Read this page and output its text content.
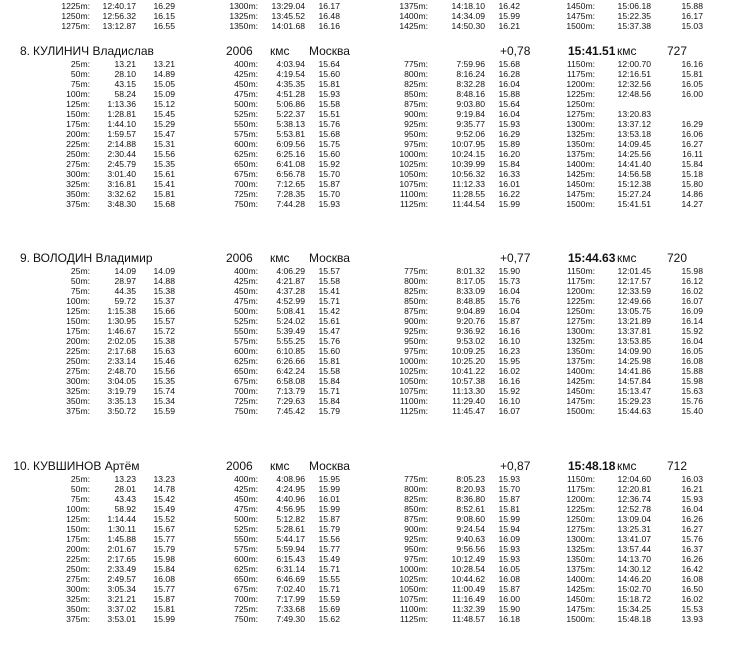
1225m: 12:40.17 16.29	1300m: 13:29.04 16.17	1375m:	14:18.10 16.42	1450m:	15:06.18	15.88
1250m: 12:56.32 16.15	1325m: 13:45.52 16.48	1400m:	14:34.09 15.99	1475m:	15:22.35	16.17
1275m: 13:12.87 16.55	1350m: 14:01.68 16.16	1425m:	14:50.30 16.21	1500m:	15:37.38	15.03
8. КУЛИНИЧ Владислав	2006 кмс Москва	+0,78	15:41.51 кмс	727
25m:	13.21 13.21	400m: 4:03.94 15.64	775m:	7:59.96 15.68	1150m:	12:00.70	16.16
50m:	28.10 14.89	425m: 4:19.54 15.60	800m:	8:16.24 16.28	1175m:	12:16.51	15.81
75m:	43.15 15.05	450m: 4:35.35 15.81	825m:	8:32.28 16.04	1200m:	12:32.56	16.05
100m:	58.24 15.09	475m: 4:51.28 15.93	850m:	8:48.16 15.88	1225m:	12:48.56	16.00
125m: 1:13.36 15.12	500m: 5:06.86 15.58	875m:	9:03.80 15.64	1250m:
150m: 1:28.81 15.45	525m: 5:22.37 15.51	900m:	9:19.84 16.04	1275m:	13:20.83
175m: 1:44.10 15.29	550m: 5:38.13 15.76	925m:	9:35.77 15.93	1300m:	13:37.12	16.29
200m: 1:59.57 15.47	575m: 5:53.81 15.68	950m:	9:52.06 16.29	1325m:	13:53.18	16.06
225m: 2:14.88 15.31	600m: 6:09.56 15.75	975m:	10:07.95 15.89	1350m:	14:09.45	16.27
250m: 2:30.44 15.56	625m: 6:25.16 15.60	1000m:	10:24.15 16.20	1375m:	14:25.56	16.11
275m: 2:45.79 15.35	650m: 6:41.08 15.92	1025m:	10:39.99 15.84	1400m:	14:41.40	15.84
300m: 3:01.40 15.61	675m: 6:56.78 15.70	1050m:	10:56.32 16.33	1425m:	14:56.58	15.18
325m: 3:16.81 15.41	700m: 7:12.65 15.87	1075m:	11:12.33 16.01	1450m:	15:12.38	15.80
350m: 3:32.62 15.81	725m: 7:28.35 15.70	1100m:	11:28.55 16.22	1475m:	15:27.24	14.86
375m: 3:48.30 15.68	750m: 7:44.28 15.93	1125m:	11:44.54 15.99	1500m:	15:41.51	14.27
9. ВОЛОДИН Владимир	2006 кмс Москва	+0,77	15:44.63 кмс	720
25m:	14.09 14.09	400m: 4:06.29 15.57	775m:	8:01.32 15.90	1150m:	12:01.45	15.98
50m:	28.97 14.88	425m: 4:21.87 15.58	800m:	8:17.05 15.73	1175m:	12:17.57	16.12
75m:	44.35 15.38	450m: 4:37.28 15.41	825m:	8:33.09 16.04	1200m:	12:33.59	16.02
100m:	59.72 15.37	475m: 4:52.99 15.71	850m:	8:48.85 15.76	1225m:	12:49.66	16.07
125m: 1:15.38 15.66	500m: 5:08.41 15.42	875m:	9:04.89 16.04	1250m:	13:05.75	16.09
150m: 1:30.95 15.57	525m: 5:24.02 15.61	900m:	9:20.76 15.87	1275m:	13:21.89	16.14
175m: 1:46.67 15.72	550m: 5:39.49 15.47	925m:	9:36.92 16.16	1300m:	13:37.81	15.92
200m: 2:02.05 15.38	575m: 5:55.25 15.76	950m:	9:53.02 16.10	1325m:	13:53.85	16.04
225m: 2:17.68 15.63	600m: 6:10.85 15.60	975m:	10:09.25 16.23	1350m:	14:09.90	16.05
250m: 2:33.14 15.46	625m: 6:26.66 15.81	1000m:	10:25.20 15.95	1375m:	14:25.98	16.08
275m: 2:48.70 15.56	650m: 6:42.24 15.58	1025m:	10:41.22 16.02	1400m:	14:41.86	15.88
300m: 3:04.05 15.35	675m: 6:58.08 15.84	1050m:	10:57.38 16.16	1425m:	14:57.84	15.98
325m: 3:19.79 15.74	700m: 7:13.79 15.71	1075m:	11:13.30 15.92	1450m:	15:13.47	15.63
350m: 3:35.13 15.34	725m: 7:29.63 15.84	1100m:	11:29.40 16.10	1475m:	15:29.23	15.76
375m: 3:50.72 15.59	750m: 7:45.42 15.79	1125m:	11:45.47 16.07	1500m:	15:44.63	15.40
10. КУВШИНОВ Артём	2006 кмс Москва	+0,87	15:48.18 кмс	712
25m:	13.23 13.23	400m: 4:08.96 15.95	775m:	8:05.23 15.93	1150m:	12:04.60	16.03
50m:	28.01 14.78	425m: 4:24.95 15.99	800m:	8:20.93 15.70	1175m:	12:20.81	16.21
75m:	43.43 15.42	450m: 4:40.96 16.01	825m:	8:36.80 15.87	1200m:	12:36.74	15.93
100m:	58.92 15.49	475m: 4:56.95 15.99	850m:	8:52.61 15.81	1225m:	12:52.78	16.04
125m: 1:14.44 15.52	500m: 5:12.82 15.87	875m:	9:08.60 15.99	1250m:	13:09.04	16.26
150m: 1:30.11 15.67	525m: 5:28.61 15.79	900m:	9:24.54 15.94	1275m:	13:25.31	16.27
175m: 1:45.88 15.77	550m: 5:44.17 15.56	925m:	9:40.63 16.09	1300m:	13:41.07	15.76
200m: 2:01.67 15.79	575m: 5:59.94 15.77	950m:	9:56.56 15.93	1325m:	13:57.44	16.37
225m: 2:17.65 15.98	600m: 6:15.43 15.49	975m:	10:12.49 15.93	1350m:	14:13.70	16.26
250m: 2:33.49 15.84	625m: 6:31.14 15.71	1000m:	10:28.54 16.05	1375m:	14:30.12	16.42
275m: 2:49.57 16.08	650m: 6:46.69 15.55	1025m:	10:44.62 16.08	1400m:	14:46.20	16.08
300m: 3:05.34 15.77	675m: 7:02.40 15.71	1050m:	11:00.49 15.87	1425m:	15:02.70	16.50
325m: 3:21.21 15.87	700m: 7:17.99 15.59	1075m:	11:16.49 16.00	1450m:	15:18.72	16.02
350m: 3:37.02 15.81	725m: 7:33.68 15.69	1100m:	11:32.39 15.90	1475m:	15:34.25	15.53
375m: 3:53.01 15.99	750m: 7:49.30 15.62	1125m:	11:48.57 16.18	1500m:	15:48.18	13.93
